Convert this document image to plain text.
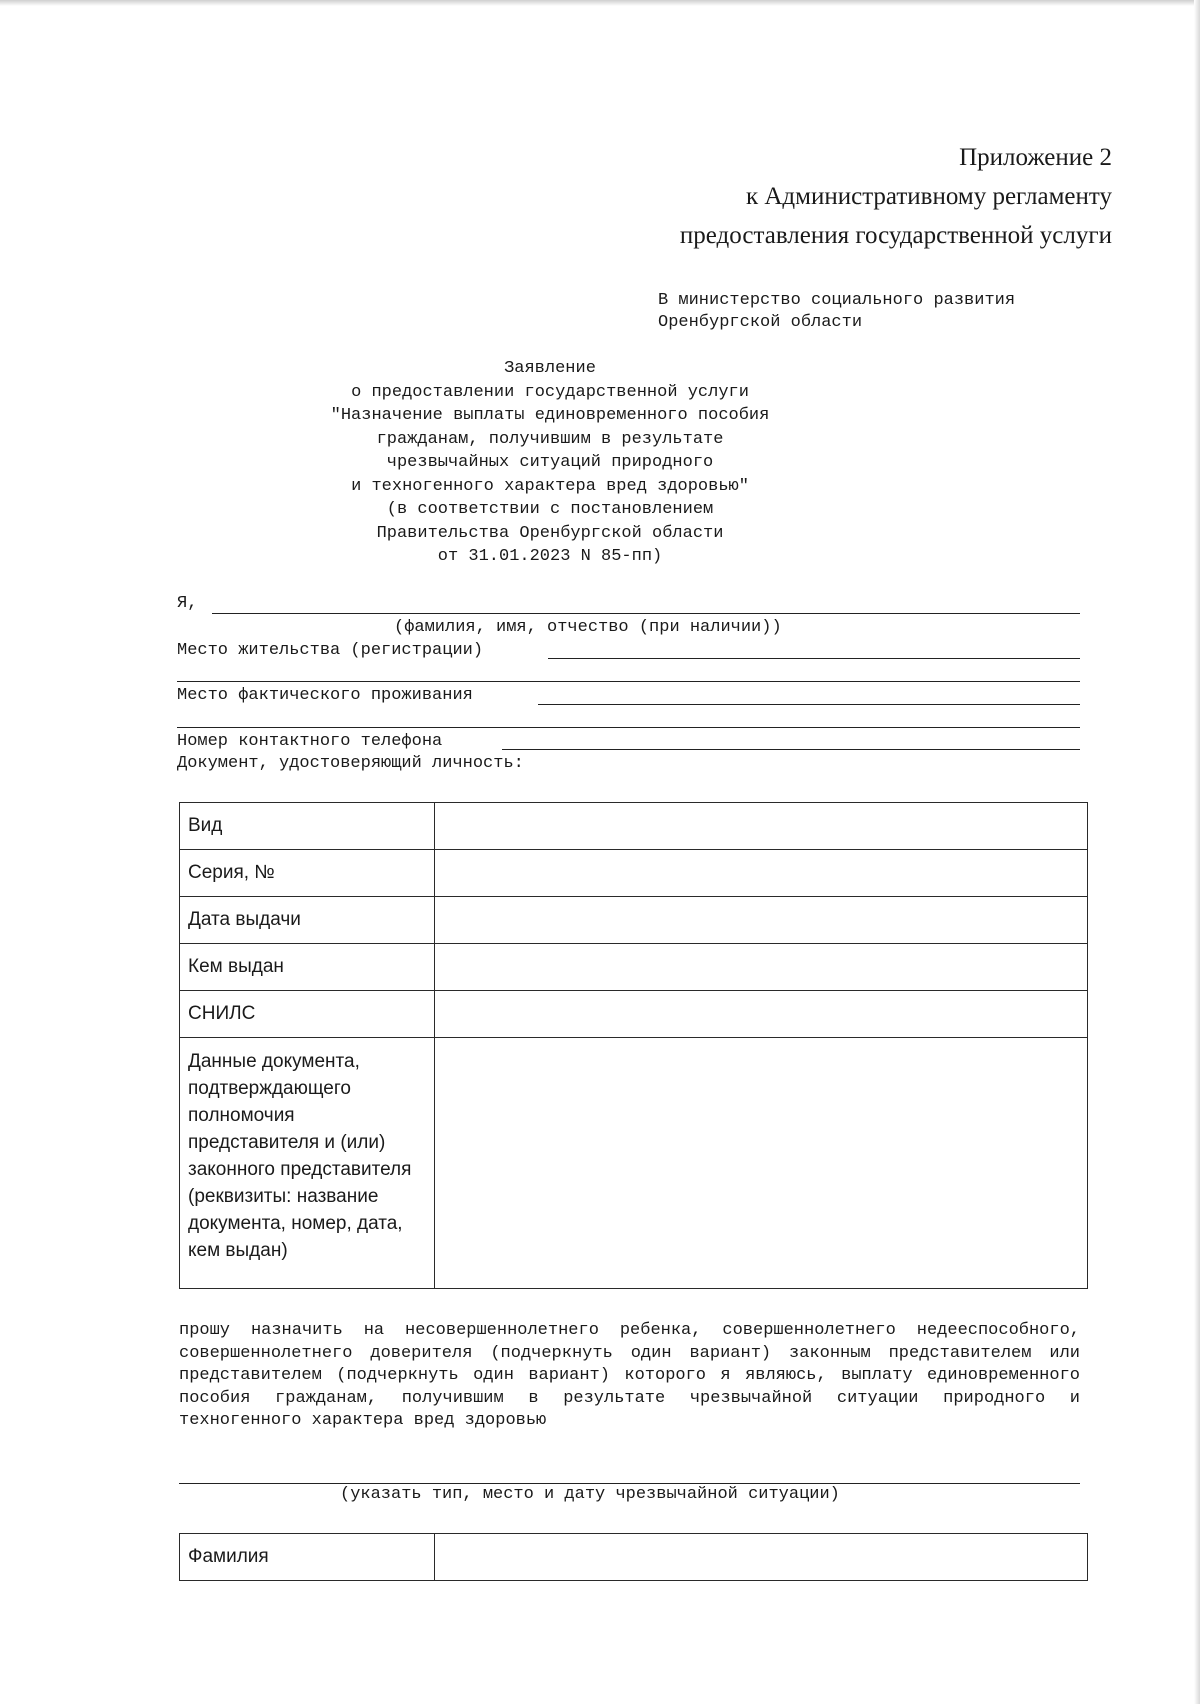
Приложение 2
к Административному регламенту
предоставления государственной услуги
В министерство социального развития
Оренбургской области
Заявление
о предоставлении государственной услуги
"Назначение выплаты единовременного пособия
гражданам, получившим в результате
чрезвычайных ситуаций природного
и техногенного характера вред здоровью"
(в соответствии с постановлением
Правительства Оренбургской области
от 31.01.2023 N 85-пп)
Я,
(фамилия, имя, отчество (при наличии))
Место жительства (регистрации)
Место фактического проживания
Номер контактного телефона
Документ, удостоверяющий личность:
Вид	
Серия, №	
Дата выдачи	
Кем выдан	
СНИЛС	
Данные документа, подтверждающего полномочия представителя и (или) законного представителя (реквизиты: название документа, номер, дата, кем выдан)	
прошу назначить на несовершеннолетнего ребенка, совершеннолетнего недееспособного, совершеннолетнего доверителя (подчеркнуть один вариант) законным представителем или представителем (подчеркнуть один вариант) которого я являюсь, выплату единовременного пособия гражданам, получившим в результате чрезвычайной ситуации природного и техногенного характера вред здоровью
(указать тип, место и дату чрезвычайной ситуации)
Фамилия	
